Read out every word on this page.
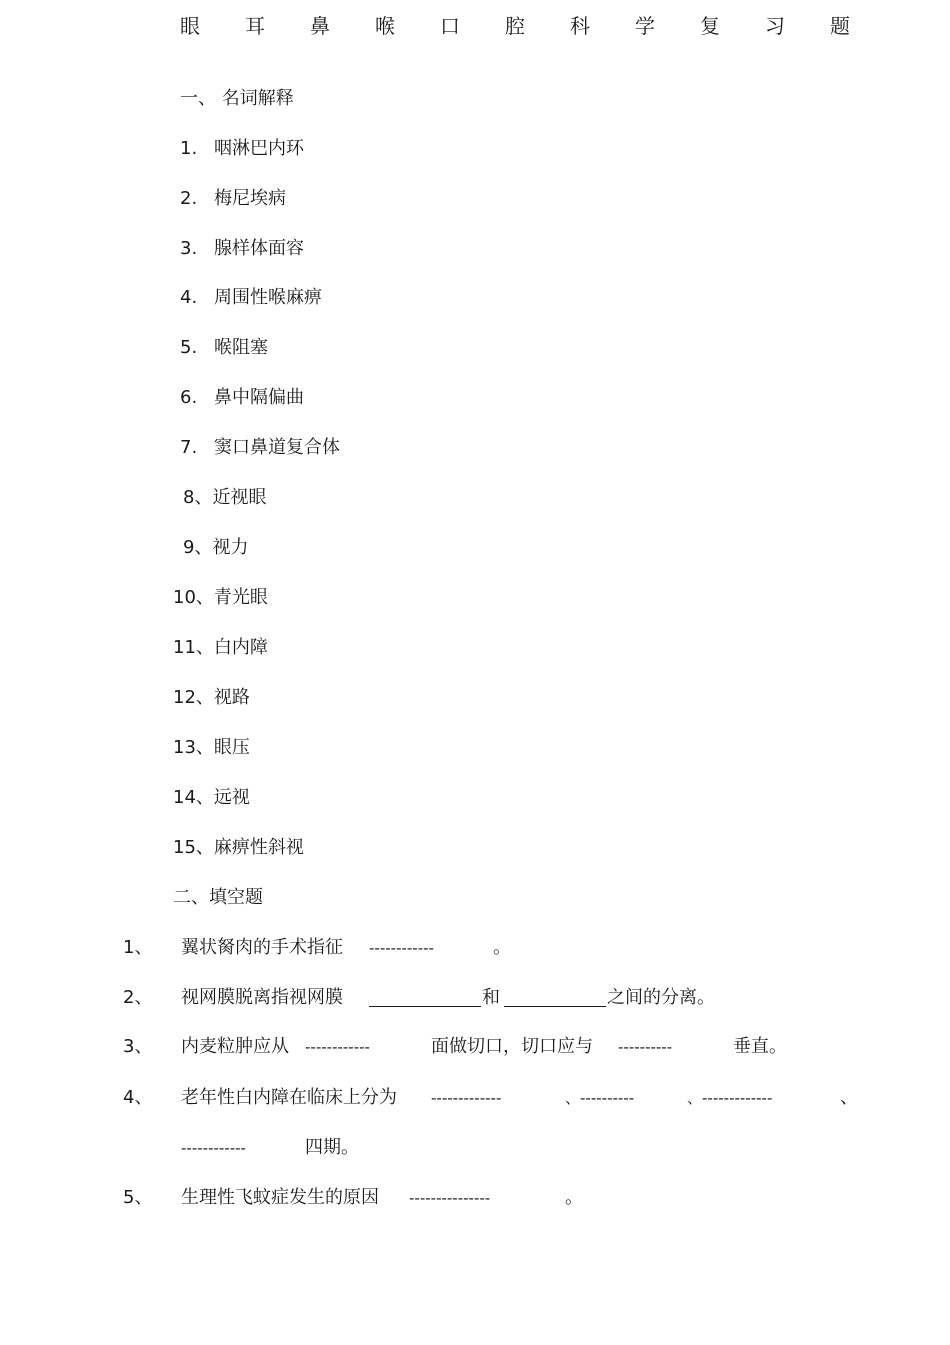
眼 耳 鼻 喉 口 腔 科 学 复 习 题
一、 名词解释
1. 咽淋巴内环
2. 梅尼埃病
3. 腺样体面容
4. 周围性喉麻痹
5. 喉阻塞
6. 鼻中隔偏曲
7. 窦口鼻道复合体
8、近视眼
9、视力
10、青光眼
11、白内障
12、视路
13、眼压
14、远视
15、麻痹性斜视
二、填空题
1、 翼状胬肉的手术指征 ------------	。
2、 视网膜脱离指视网膜	和	之间的分离。
3、 内麦粒肿应从 ------------	面做切口，切口应与 ----------	垂直。
4、 老年性白内障在临床上分为 -------------	、----------	、-------------	、
------------	四期。
5、 生理性飞蚊症发生的原因 ---------------	。
